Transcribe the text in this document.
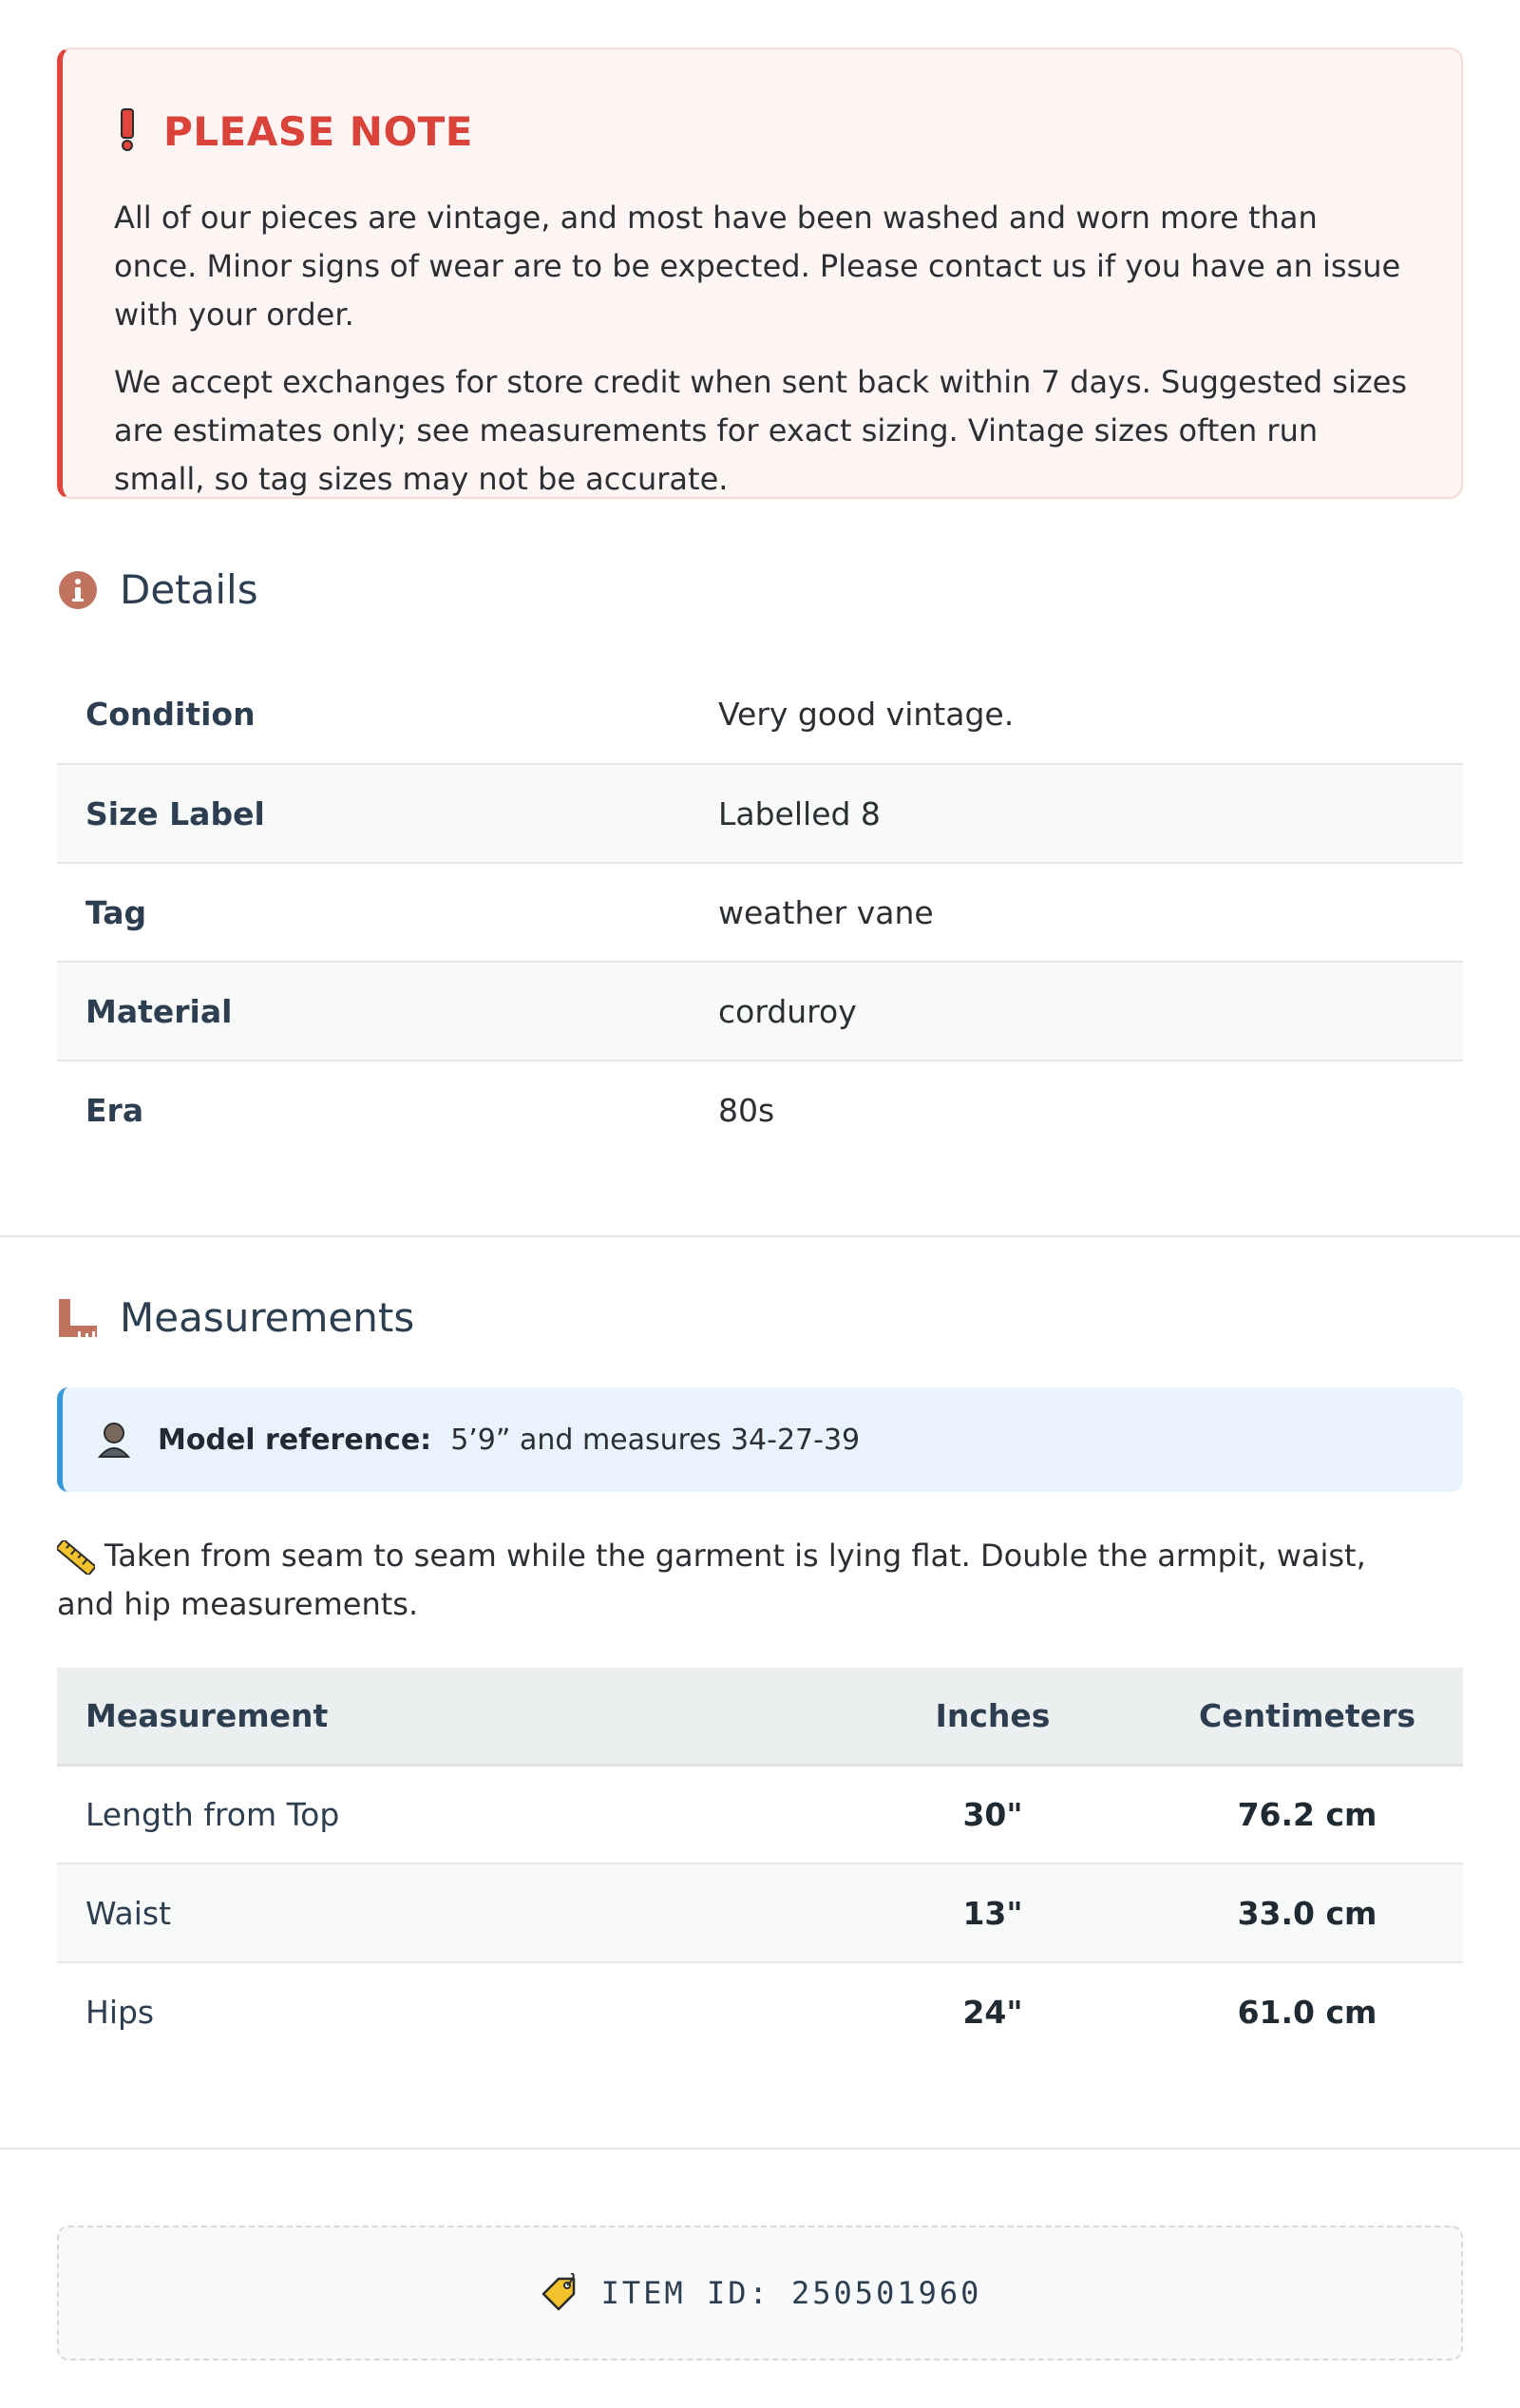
PLEASE NOTE

All of our pieces are vintage, and most have been washed and worn more than once. Minor signs of wear are to be expected. Please contact us if you have an issue with your order.

We accept exchanges for store credit when sent back within 7 days. Suggested sizes are estimates only; see measurements for exact sizing. Vintage sizes often run small, so tag sizes may not be accurate.

Details
Condition	Very good vintage.
Size Label	Labelled 8
Tag	weather vane
Material	corduroy
Era	80s
Measurements
Model reference: 5’9” and measures 34-27-39

Taken from seam to seam while the garment is lying flat. Double the armpit, waist, and hip measurements.

Measurement	Inches	Centimeters
Length from Top	30"	76.2 cm
Waist	13"	33.0 cm
Hips	24"	61.0 cm
ITEM ID: 250501960
